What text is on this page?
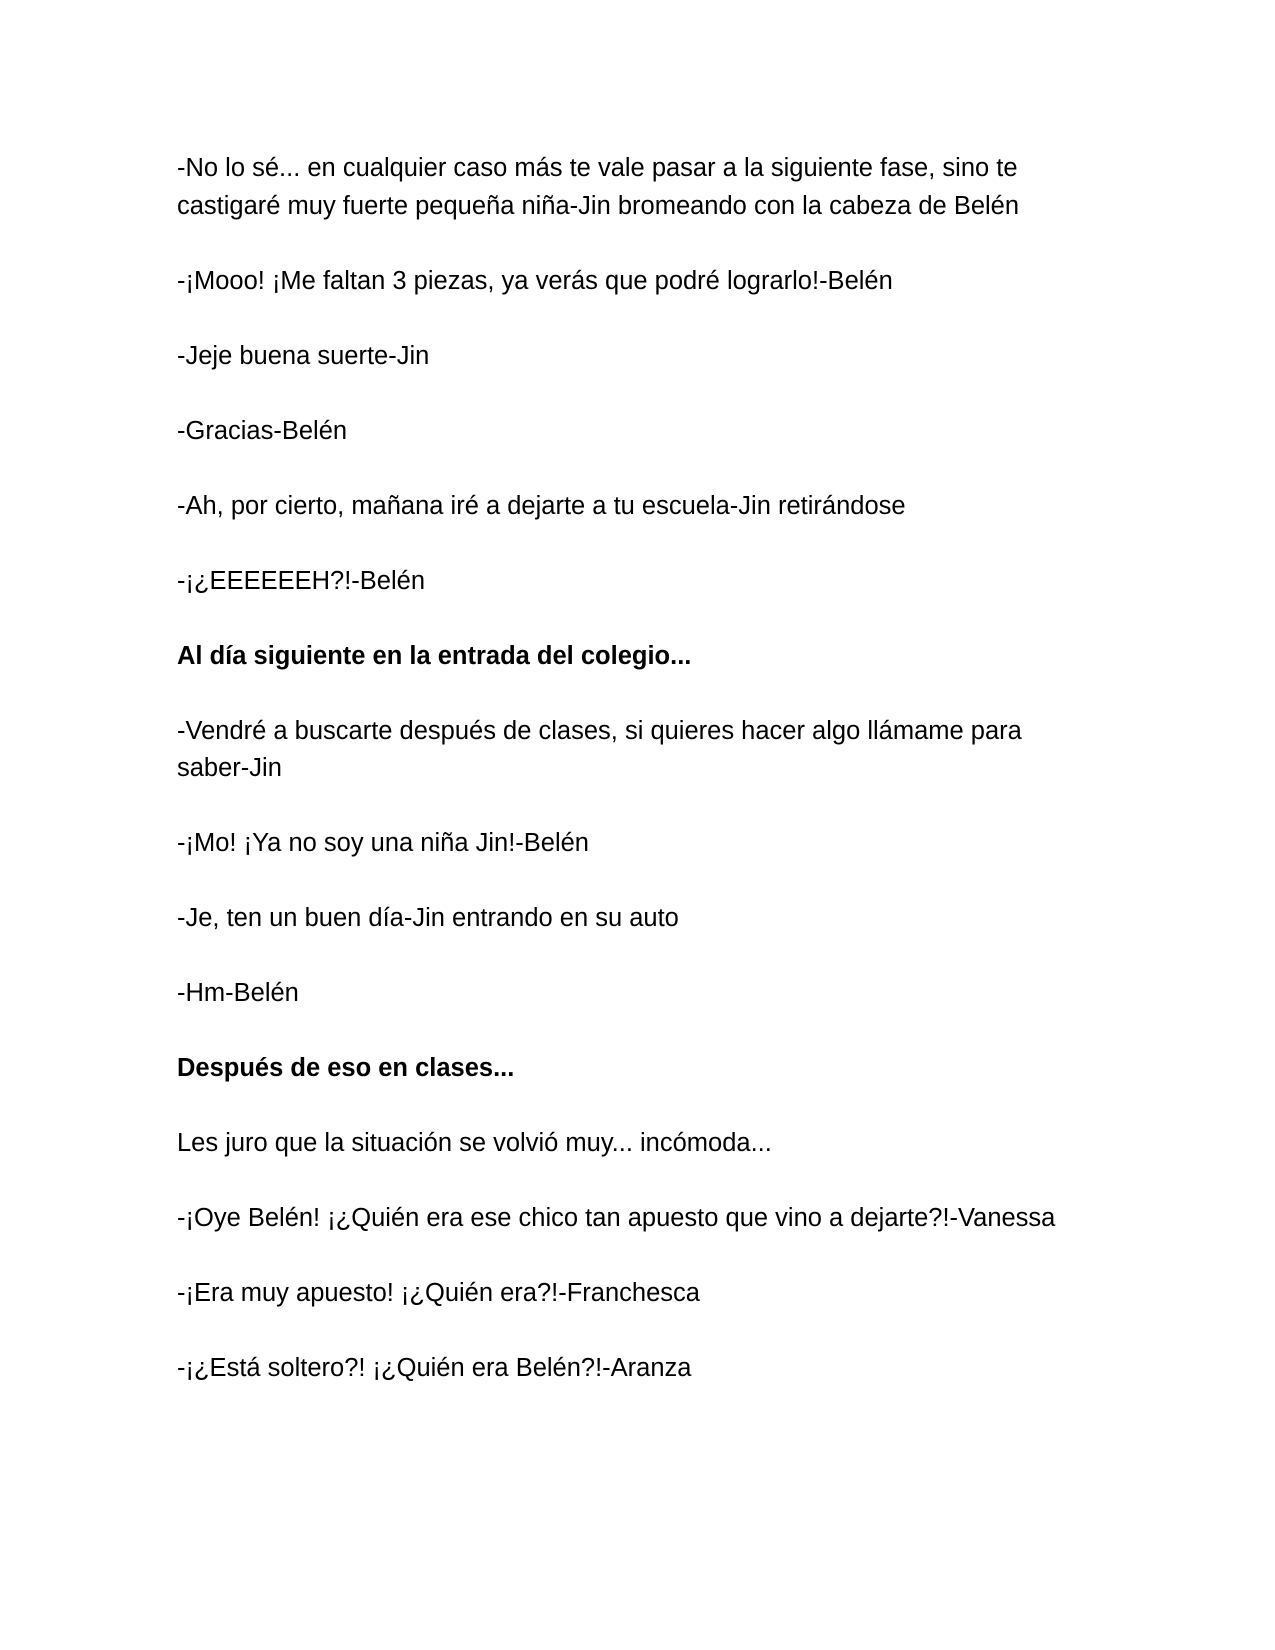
-No lo sé... en cualquier caso más te vale pasar a la siguiente fase, sino te castigaré muy fuerte pequeña niña-Jin bromeando con la cabeza de Belén

-¡Mooo! ¡Me faltan 3 piezas, ya verás que podré lograrlo!-Belén

-Jeje buena suerte-Jin

-Gracias-Belén

-Ah, por cierto, mañana iré a dejarte a tu escuela-Jin retirándose

-¡¿EEEEEEH?!-Belén

Al día siguiente en la entrada del colegio...

-Vendré a buscarte después de clases, si quieres hacer algo llámame para saber-Jin

-¡Mo! ¡Ya no soy una niña Jin!-Belén

-Je, ten un buen día-Jin entrando en su auto

-Hm-Belén

Después de eso en clases...

Les juro que la situación se volvió muy... incómoda...

-¡Oye Belén! ¡¿Quién era ese chico tan apuesto que vino a dejarte?!-Vanessa

-¡Era muy apuesto! ¡¿Quién era?!-Franchesca

-¡¿Está soltero?! ¡¿Quién era Belén?!-Aranza
